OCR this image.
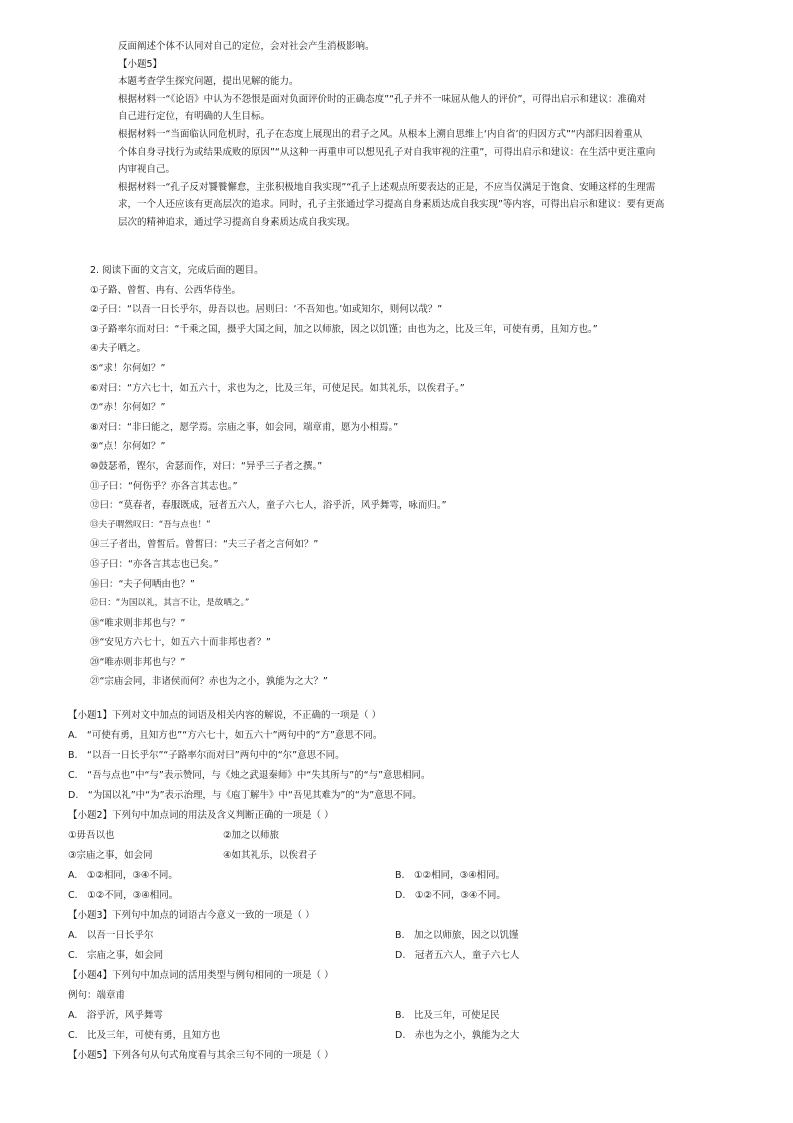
反面阐述个体不认同对自己的定位，会对社会产生消极影响。

【小题5】

本题考查学生探究问题，提出见解的能力。

根据材料一“《论语》中认为不怨恨是面对负面评价时的正确态度”“孔子并不一味屈从他人的评价”，可得出启示和建议：准确对

自己进行定位，有明确的人生目标。

根据材料一“当面临认同危机时，孔子在态度上展现出的君子之风。从根本上溯自思维上‘内自省’的归因方式”“内部归因着重从

个体自身寻找行为或结果成败的原因”“从这种一再重申可以想见孔子对自我审视的注重”，可得出启示和建议：在生活中更注重向

内审视自己。

根据材料一“孔子反对饕餮懈怠，主张积极地自我实现”“孔子上述观点所要表达的正是，不应当仅满足于饱食、安睡这样的生理需

求，一个人还应该有更高层次的追求。同时，孔子主张通过学习提高自身素质达成自我实现”等内容，可得出启示和建议：要有更高

层次的精神追求，通过学习提高自身素质达成自我实现。

2. 阅读下面的文言文，完成后面的题目。

①子路、曾皙、冉有、公西华侍坐。

②子曰：“以吾一日长乎尔，毋吾以也。居则曰：‘不吾知也。’如或知尔，则何以哉？”

③子路率尔而对曰：“千乘之国，摄乎大国之间，加之以师旅，因之以饥馑；由也为之，比及三年，可使有勇，且知方也。”

④夫子哂之。

⑤“求！尔何如？”

⑥对曰：“方六七十，如五六十，求也为之，比及三年，可使足民。如其礼乐，以俟君子。”

⑦“赤！尔何如？”

⑧对曰：“非曰能之，愿学焉。宗庙之事，如会同，端章甫，愿为小相焉。”

⑨“点！尔何如？”

⑩鼓瑟希，铿尔，舍瑟而作，对曰：“异乎三子者之撰。”

⑪子曰：“何伤乎？亦各言其志也。”

⑫曰：“莫春者，春服既成，冠者五六人，童子六七人，浴乎沂，风乎舞雩，咏而归。”

⑬夫子喟然叹曰：“吾与点也！”

⑭三子者出，曾皙后。曾皙曰：“夫三子者之言何如？”

⑮子曰：“亦各言其志也已矣。”

⑯曰：“夫子何哂由也？”

⑰曰：“为国以礼，其言不让，是故哂之。”

⑱“唯求则非邦也与？”

⑲“安见方六七十，如五六十而非邦也者？”

⑳“唯赤则非邦也与？”

㉑“宗庙会同，非诸侯而何？赤也为之小，孰能为之大？”

【小题1】下列对文中加点的词语及相关内容的解说，不正确的一项是（ ）

A.　“可使有勇，且知方也”“方六七十，如五六十”两句中的“方”意思不同。

B.　“以吾一日长乎尔”“子路率尔而对曰”两句中的“尔”意思不同。

C.　“吾与点也”中“与”表示赞同，与《烛之武退秦师》中“失其所与”的“与”意思相同。

D.　“为国以礼”中“为”表示治理，与《庖丁解牛》中“吾见其难为”的“为”意思不同。

【小题2】下列句中加点词的用法及含义判断正确的一项是（ ）

①毋吾以也	②加之以师旅
③宗庙之事，如会同	④如其礼乐，以俟君子
A.　①②相同，③④不同。	B.　①②相同，③④相同。
C.　①②不同，③④相同。	D.　①②不同，③④不同。

【小题3】下列句中加点的词语古今意义一致的一项是（ ）

A.　以吾一日长乎尔	B.　加之以师旅，因之以饥馑
C.　宗庙之事，如会同	D.　冠者五六人，童子六七人

【小题4】下列句中加点词的活用类型与例句相同的一项是（ ）

例句：端章甫

A.　浴乎沂，风乎舞雩	B.　比及三年，可使足民
C.　比及三年，可使有勇，且知方也	D.　赤也为之小，孰能为之大

【小题5】下列各句从句式角度看与其余三句不同的一项是（ ）
